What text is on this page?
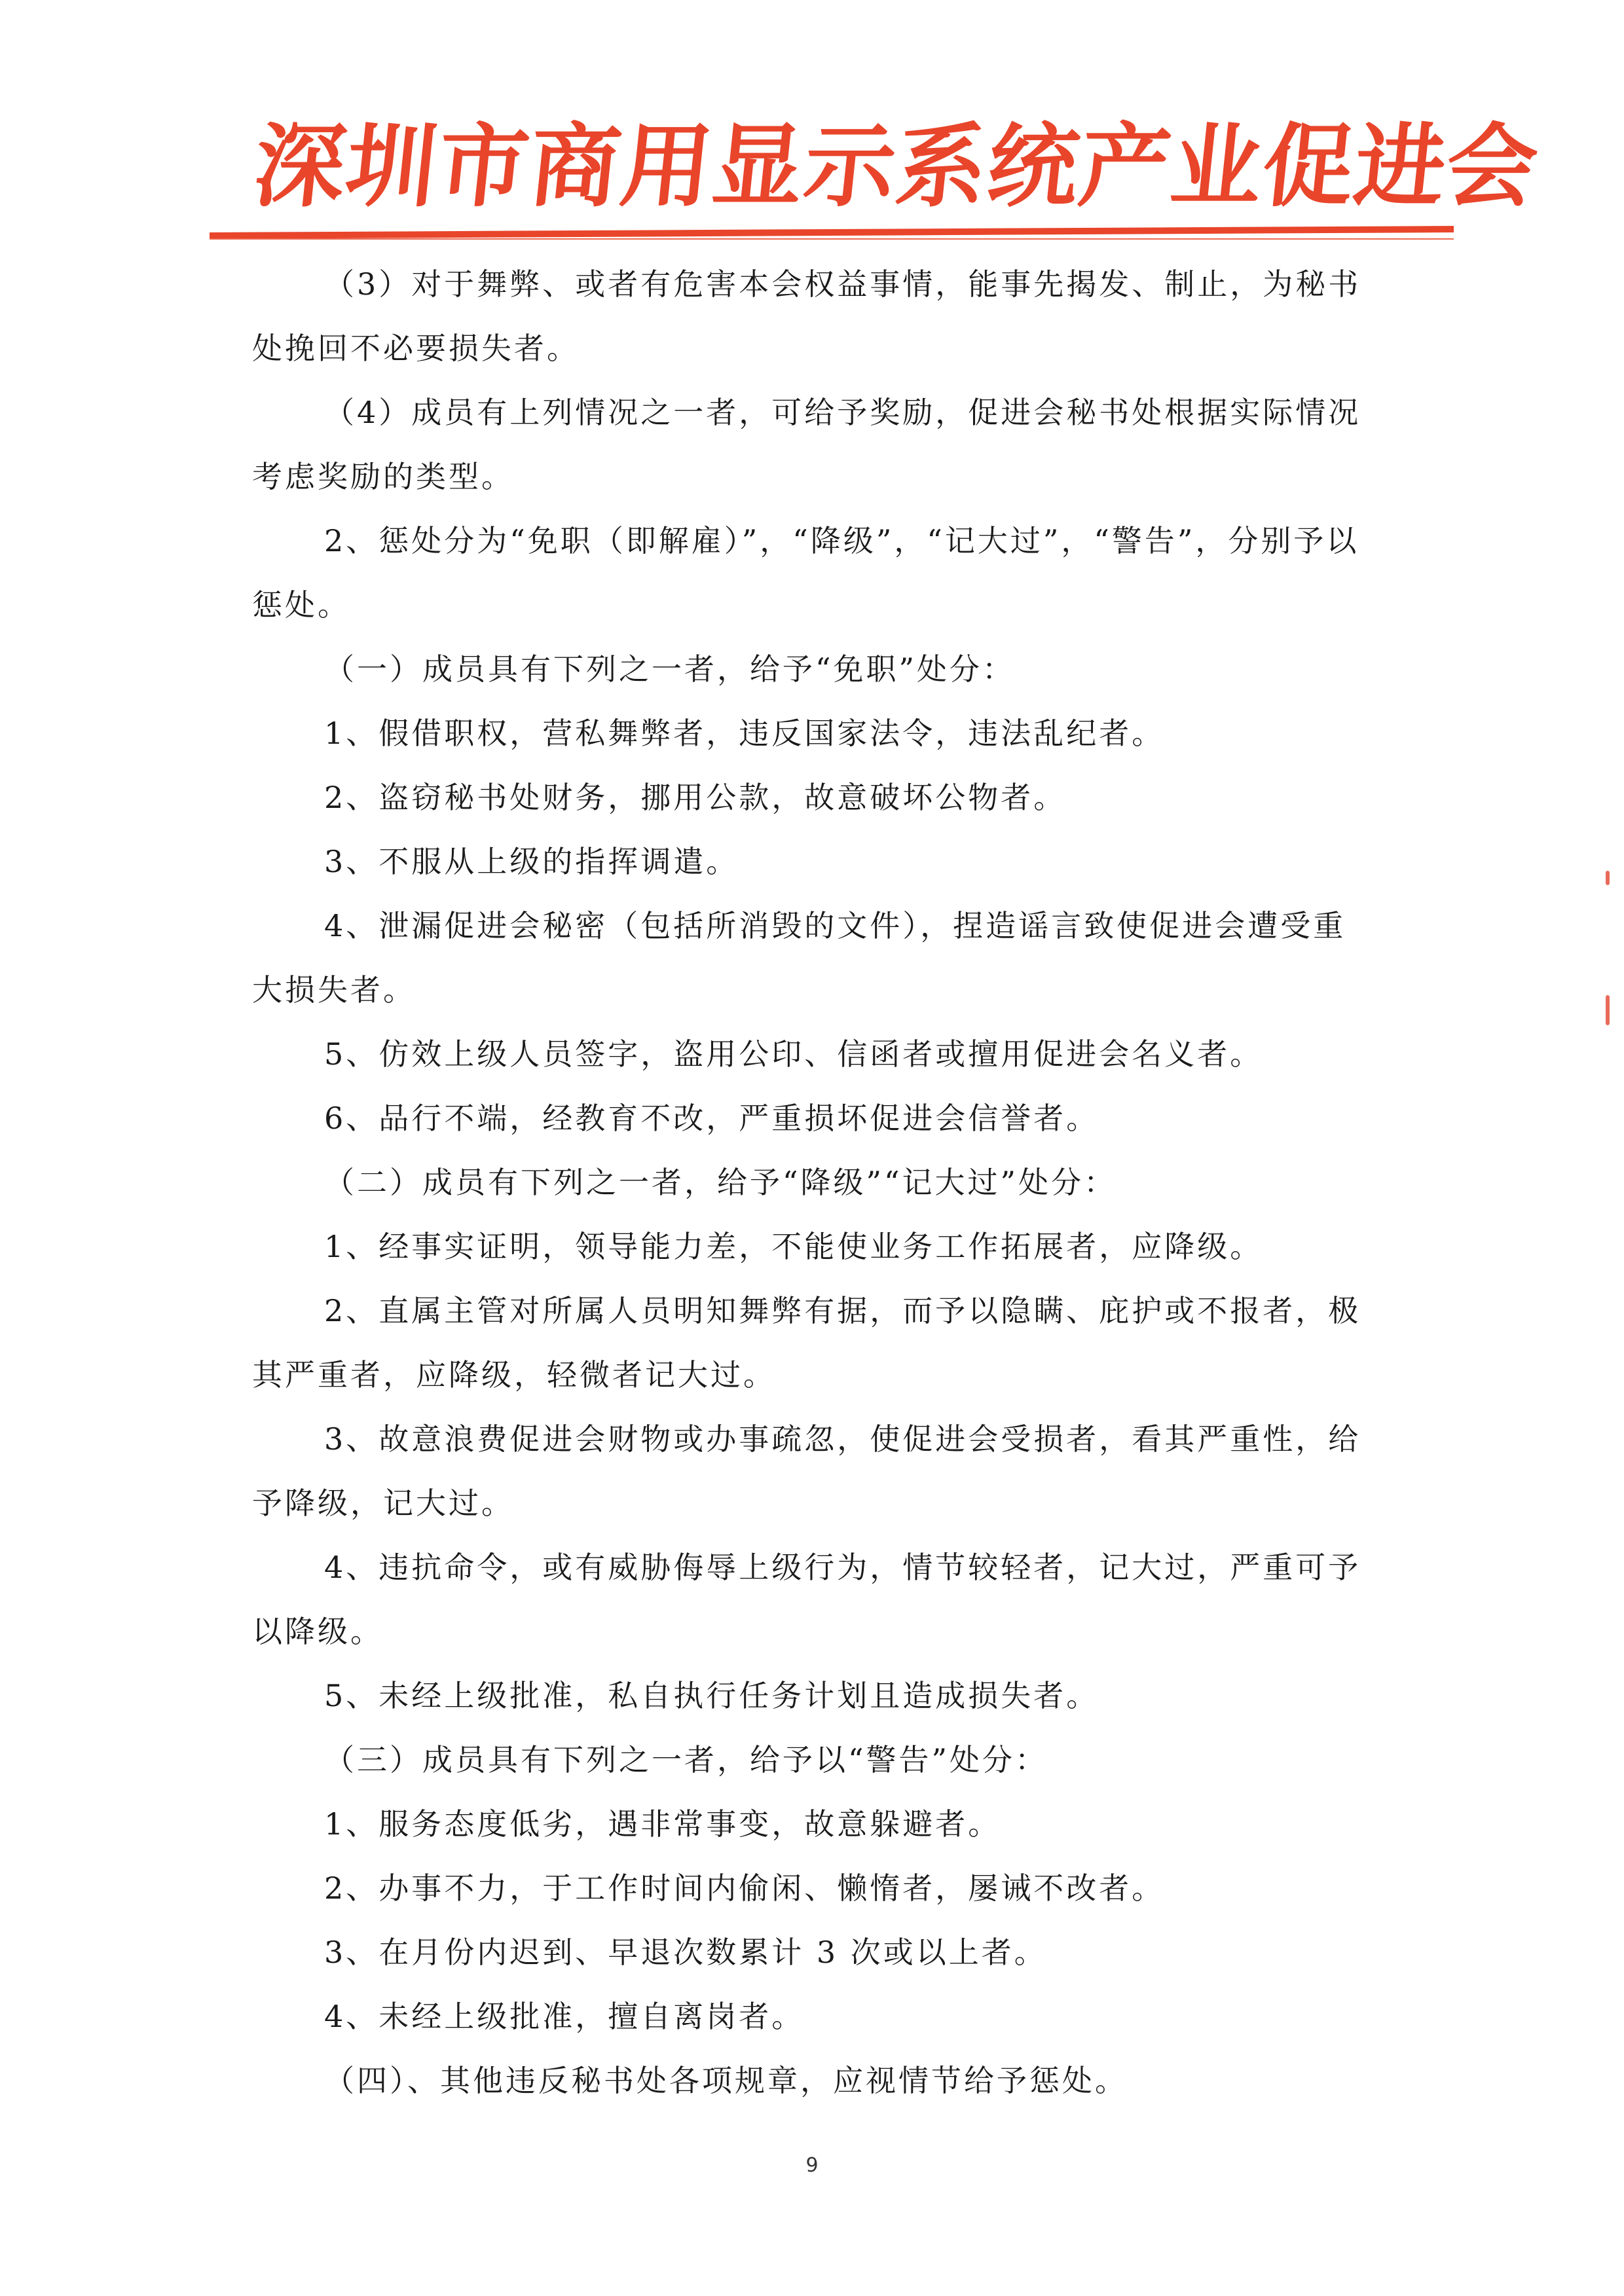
深圳市商用显示系统产业促进会

（3）对于舞弊、或者有危害本会权益事情，能事先揭发、制止，为秘书处挽回不必要损失者。

（4）成员有上列情况之一者，可给予奖励，促进会秘书处根据实际情况考虑奖励的类型。

2、惩处分为“免职（即解雇）”，“降级”，“记大过”，“警告”，分别予以惩处。

（一）成员具有下列之一者，给予“免职”处分：

1、假借职权，营私舞弊者，违反国家法令，违法乱纪者。

2、盗窃秘书处财务，挪用公款，故意破坏公物者。

3、不服从上级的指挥调遣。

4、泄漏促进会秘密（包括所消毁的文件），捏造谣言致使促进会遭受重大损失者。

5、仿效上级人员签字，盗用公印、信函者或擅用促进会名义者。

6、品行不端，经教育不改，严重损坏促进会信誉者。

（二）成员有下列之一者，给予“降级”“记大过”处分：

1、经事实证明，领导能力差，不能使业务工作拓展者，应降级。

2、直属主管对所属人员明知舞弊有据，而予以隐瞒、庇护或不报者，极其严重者，应降级，轻微者记大过。

3、故意浪费促进会财物或办事疏忽，使促进会受损者，看其严重性，给予降级，记大过。

4、违抗命令，或有威胁侮辱上级行为，情节较轻者，记大过，严重可予以降级。

5、未经上级批准，私自执行任务计划且造成损失者。

（三）成员具有下列之一者，给予以“警告”处分：

1、服务态度低劣，遇非常事变，故意躲避者。

2、办事不力，于工作时间内偷闲、懒惰者，屡诫不改者。

3、在月份内迟到、早退次数累计 3 次或以上者。

4、未经上级批准，擅自离岗者。

（四）、其他违反秘书处各项规章，应视情节给予惩处。

9
